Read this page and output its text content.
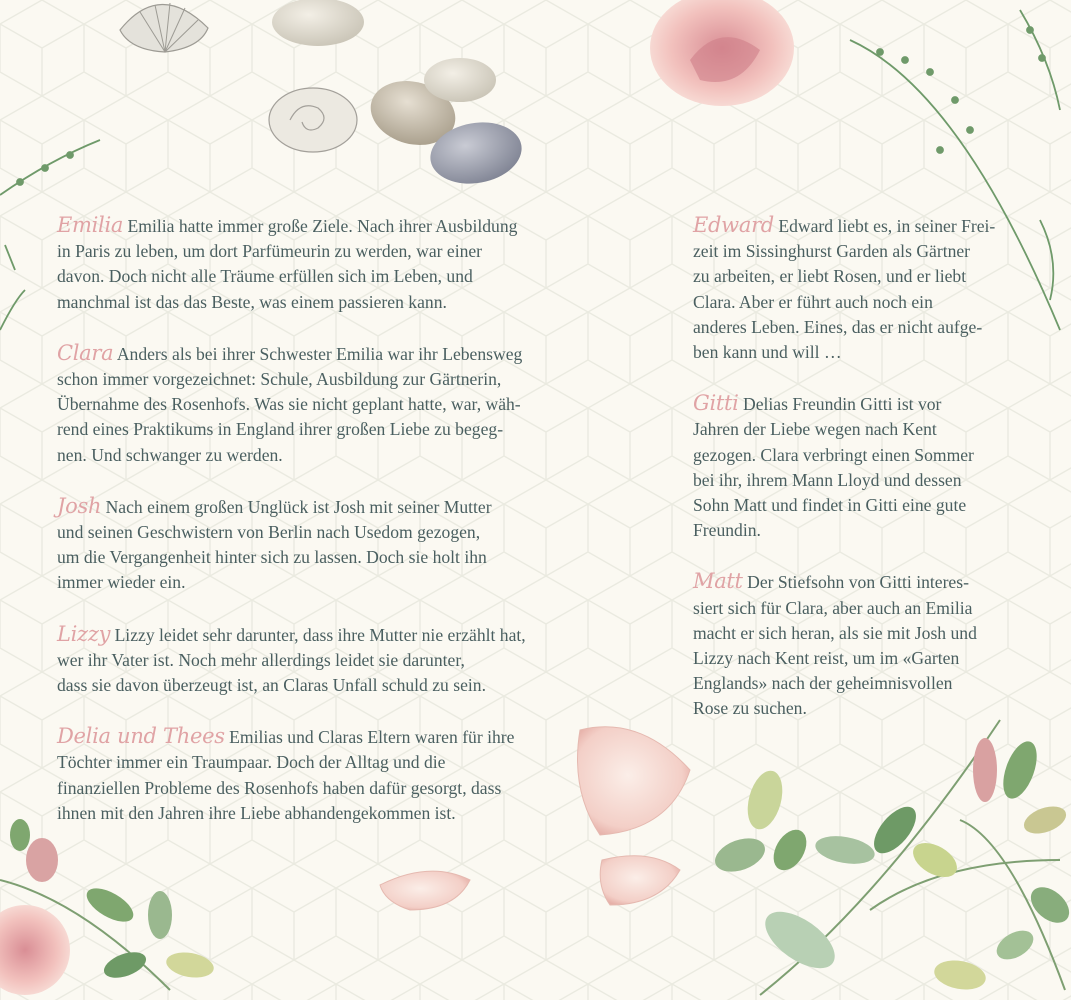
Emilia Emilia hatte immer große Ziele. Nach ihrer Ausbildung
in Paris zu leben, um dort Parfümeurin zu werden, war einer
davon. Doch nicht alle Träume erfüllen sich im Leben, und
manchmal ist das das Beste, was einem passieren kann.

Clara Anders als bei ihrer Schwester Emilia war ihr Lebensweg
schon immer vorgezeichnet: Schule, Ausbildung zur Gärtnerin,
Übernahme des Rosenhofs. Was sie nicht geplant hatte, war, wäh-
rend eines Praktikums in England ihrer großen Liebe zu begeg-
nen. Und schwanger zu werden.

Josh Nach einem großen Unglück ist Josh mit seiner Mutter
und seinen Geschwistern von Berlin nach Usedom gezogen,
um die Vergangenheit hinter sich zu lassen. Doch sie holt ihn
immer wieder ein.

Lizzy Lizzy leidet sehr darunter, dass ihre Mutter nie erzählt hat,
wer ihr Vater ist. Noch mehr allerdings leidet sie darunter,
dass sie davon überzeugt ist, an Claras Unfall schuld zu sein.

Delia und Thees Emilias und Claras Eltern waren für ihre
Töchter immer ein Traumpaar. Doch der Alltag und die
finanziellen Probleme des Rosenhofs haben dafür gesorgt, dass
ihnen mit den Jahren ihre Liebe abhandengekommen ist.

Edward Edward liebt es, in seiner Frei-
zeit im Sissinghurst Garden als Gärtner
zu arbeiten, er liebt Rosen, und er liebt
Clara. Aber er führt auch noch ein
anderes Leben. Eines, das er nicht aufge-
ben kann und will …

Gitti Delias Freundin Gitti ist vor
Jahren der Liebe wegen nach Kent
gezogen. Clara verbringt einen Sommer
bei ihr, ihrem Mann Lloyd und dessen
Sohn Matt und findet in Gitti eine gute
Freundin.

Matt Der Stiefsohn von Gitti interes-
siert sich für Clara, aber auch an Emilia
macht er sich heran, als sie mit Josh und
Lizzy nach Kent reist, um im «Garten
Englands» nach der geheimnisvollen
Rose zu suchen.
